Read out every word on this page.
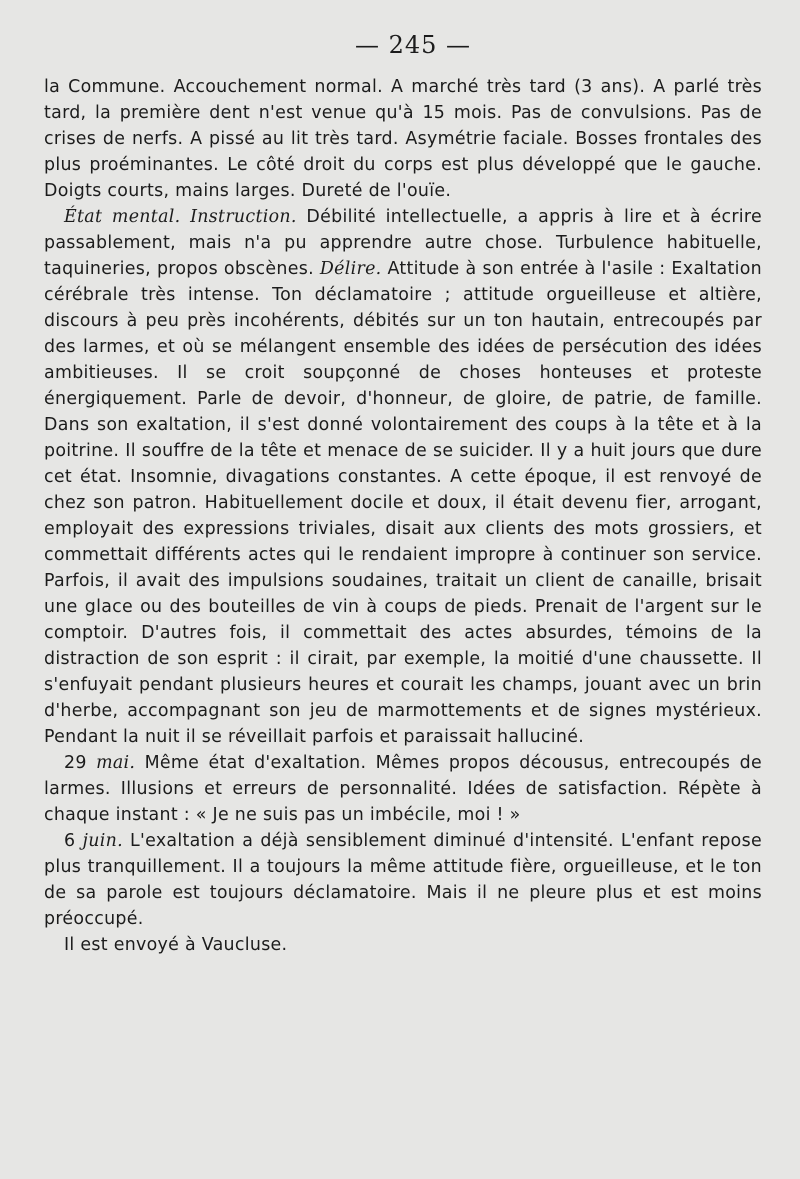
— 245 —

la Commune. Accouchement normal. A marché très tard (3 ans). A parlé très tard, la première dent n'est venue qu'à 15 mois. Pas de convulsions. Pas de crises de nerfs. A pissé au lit très tard. Asymétrie faciale. Bosses frontales des plus proéminantes. Le côté droit du corps est plus développé que le gauche. Doigts courts, mains larges. Dureté de l'ouïe.

État mental. Instruction. Débilité intellectuelle, a appris à lire et à écrire passablement, mais n'a pu apprendre autre chose. Turbulence habituelle, taquineries, propos obscènes. Délire. Attitude à son entrée à l'asile : Exaltation cérébrale très intense. Ton déclamatoire ; attitude orgueilleuse et altière, discours à peu près incohérents, débités sur un ton hautain, entrecoupés par des larmes, et où se mélangent ensemble des idées de persécution des idées ambitieuses. Il se croit soupçonné de choses honteuses et proteste énergiquement. Parle de devoir, d'honneur, de gloire, de patrie, de famille. Dans son exaltation, il s'est donné volontairement des coups à la tête et à la poitrine. Il souffre de la tête et menace de se suicider. Il y a huit jours que dure cet état. Insomnie, divagations constantes. A cette époque, il est renvoyé de chez son patron. Habituellement docile et doux, il était devenu fier, arrogant, employait des expressions triviales, disait aux clients des mots grossiers, et commettait différents actes qui le rendaient impropre à continuer son service. Parfois, il avait des impulsions soudaines, traitait un client de canaille, brisait une glace ou des bouteilles de vin à coups de pieds. Prenait de l'argent sur le comptoir. D'autres fois, il commettait des actes absurdes, témoins de la distraction de son esprit : il cirait, par exemple, la moitié d'une chaussette. Il s'enfuyait pendant plusieurs heures et courait les champs, jouant avec un brin d'herbe, accompagnant son jeu de marmottements et de signes mystérieux. Pendant la nuit il se réveillait parfois et paraissait halluciné.

29 mai. Même état d'exaltation. Mêmes propos décousus, entrecoupés de larmes. Illusions et erreurs de personnalité. Idées de satisfaction. Répète à chaque instant : « Je ne suis pas un imbécile, moi ! »

6 juin. L'exaltation a déjà sensiblement diminué d'intensité. L'enfant repose plus tranquillement. Il a toujours la même attitude fière, orgueilleuse, et le ton de sa parole est toujours déclamatoire. Mais il ne pleure plus et est moins préoccupé.

Il est envoyé à Vaucluse.
